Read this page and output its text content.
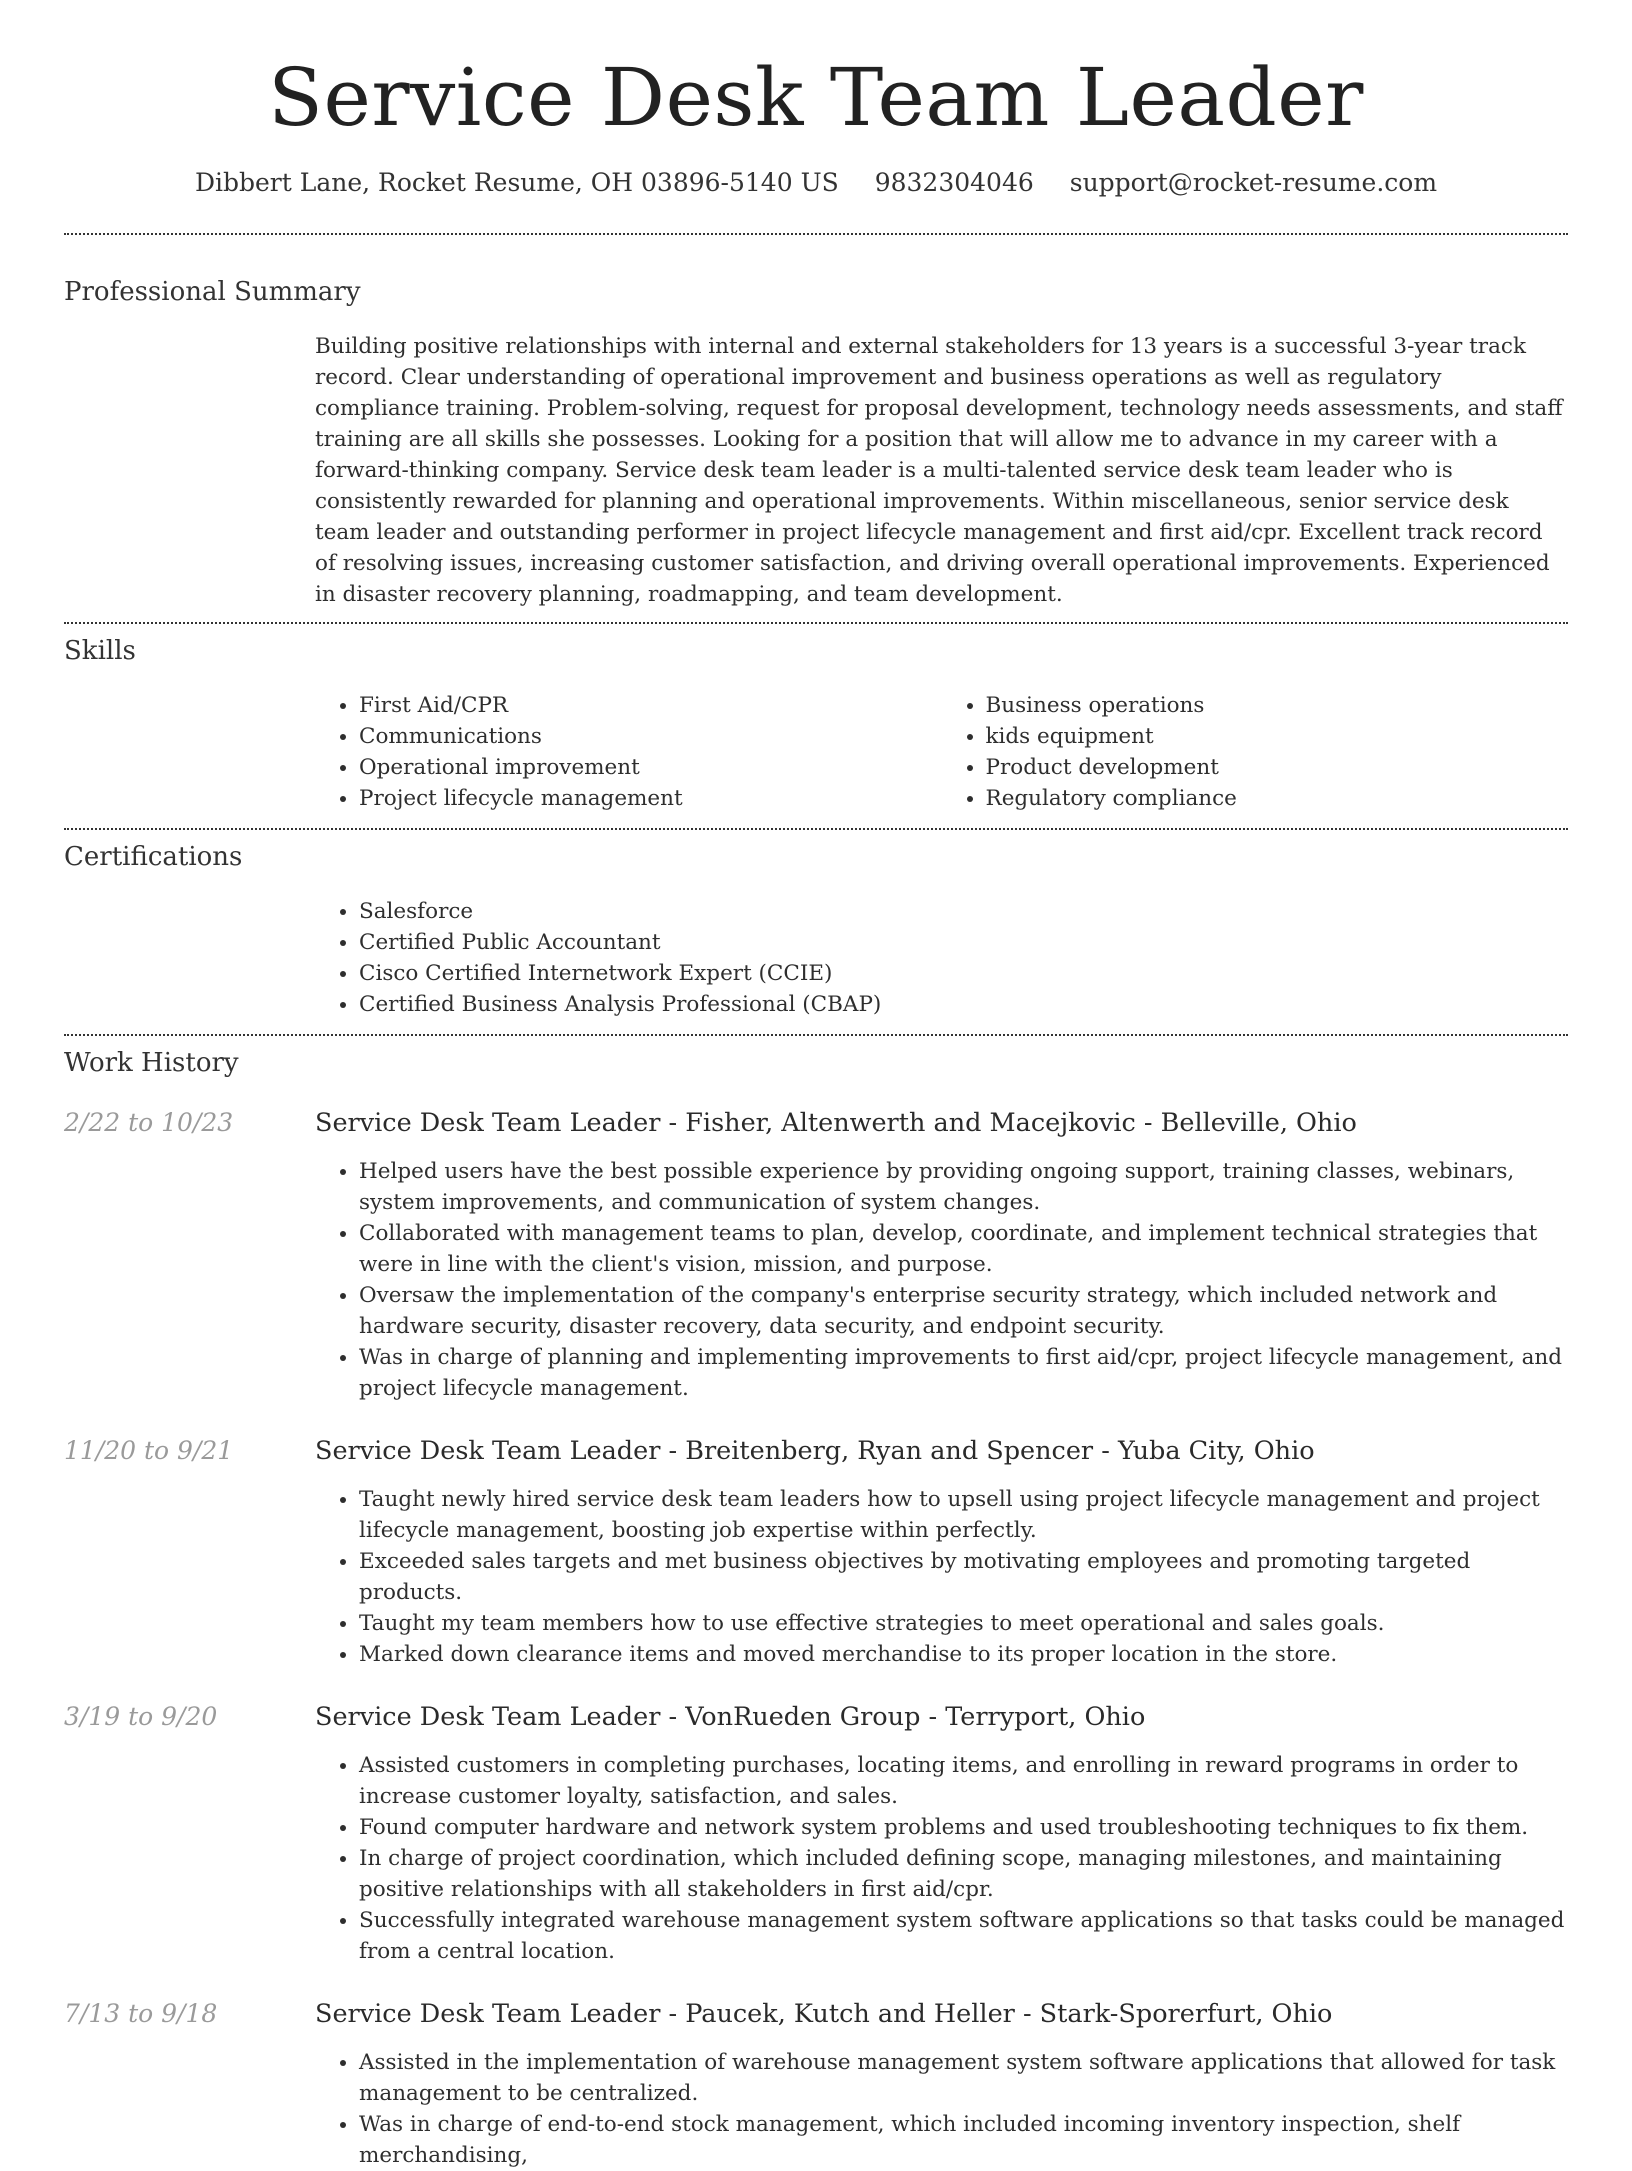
Service Desk Team Leader
Dibbert Lane, Rocket Resume, OH 03896-5140 US 9832304046 support@rocket-resume.com
Professional Summary

Building positive relationships with internal and external stakeholders for 13 years is a successful 3-year track record. Clear understanding of operational improvement and business operations as well as regulatory compliance training. Problem-solving, request for proposal development, technology needs assessments, and staff training are all skills she possesses. Looking for a position that will allow me to advance in my career with a forward-thinking company. Service desk team leader is a multi-talented service desk team leader who is consistently rewarded for planning and operational improvements. Within miscellaneous, senior service desk team leader and outstanding performer in project lifecycle management and first aid/cpr. Excellent track record of resolving issues, increasing customer satisfaction, and driving overall operational improvements. Experienced in disaster recovery planning, roadmapping, and team development.

Skills
• First Aid/CPR
• Communications
• Operational improvement
• Project lifecycle management
• Business operations
• kids equipment
• Product development
• Regulatory compliance
Certifications
• Salesforce
• Certified Public Accountant
• Cisco Certified Internetwork Expert (CCIE)
• Certified Business Analysis Professional (CBAP)
Work History
2/22 to 10/23	Service Desk Team Leader - Fisher, Altenwerth and Macejkovic - Belleville, Ohio
• Helped users have the best possible experience by providing ongoing support, training classes, webinars, system improvements, and communication of system changes.
• Collaborated with management teams to plan, develop, coordinate, and implement technical strategies that were in line with the client's vision, mission, and purpose.
• Oversaw the implementation of the company's enterprise security strategy, which included network and hardware security, disaster recovery, data security, and endpoint security.
• Was in charge of planning and implementing improvements to first aid/cpr, project lifecycle management, and project lifecycle management.
11/20 to 9/21	Service Desk Team Leader - Breitenberg, Ryan and Spencer - Yuba City, Ohio
• Taught newly hired service desk team leaders how to upsell using project lifecycle management and project lifecycle management, boosting job expertise within perfectly.
• Exceeded sales targets and met business objectives by motivating employees and promoting targeted products.
• Taught my team members how to use effective strategies to meet operational and sales goals.
• Marked down clearance items and moved merchandise to its proper location in the store.
3/19 to 9/20	Service Desk Team Leader - VonRueden Group - Terryport, Ohio
• Assisted customers in completing purchases, locating items, and enrolling in reward programs in order to increase customer loyalty, satisfaction, and sales.
• Found computer hardware and network system problems and used troubleshooting techniques to fix them.
• In charge of project coordination, which included defining scope, managing milestones, and maintaining positive relationships with all stakeholders in first aid/cpr.
• Successfully integrated warehouse management system software applications so that tasks could be managed from a central location.
7/13 to 9/18	Service Desk Team Leader - Paucek, Kutch and Heller - Stark-Sporerfurt, Ohio
• Assisted in the implementation of warehouse management system software applications that allowed for task management to be centralized.
• Was in charge of end-to-end stock management, which included incoming inventory inspection, shelf merchandising,
